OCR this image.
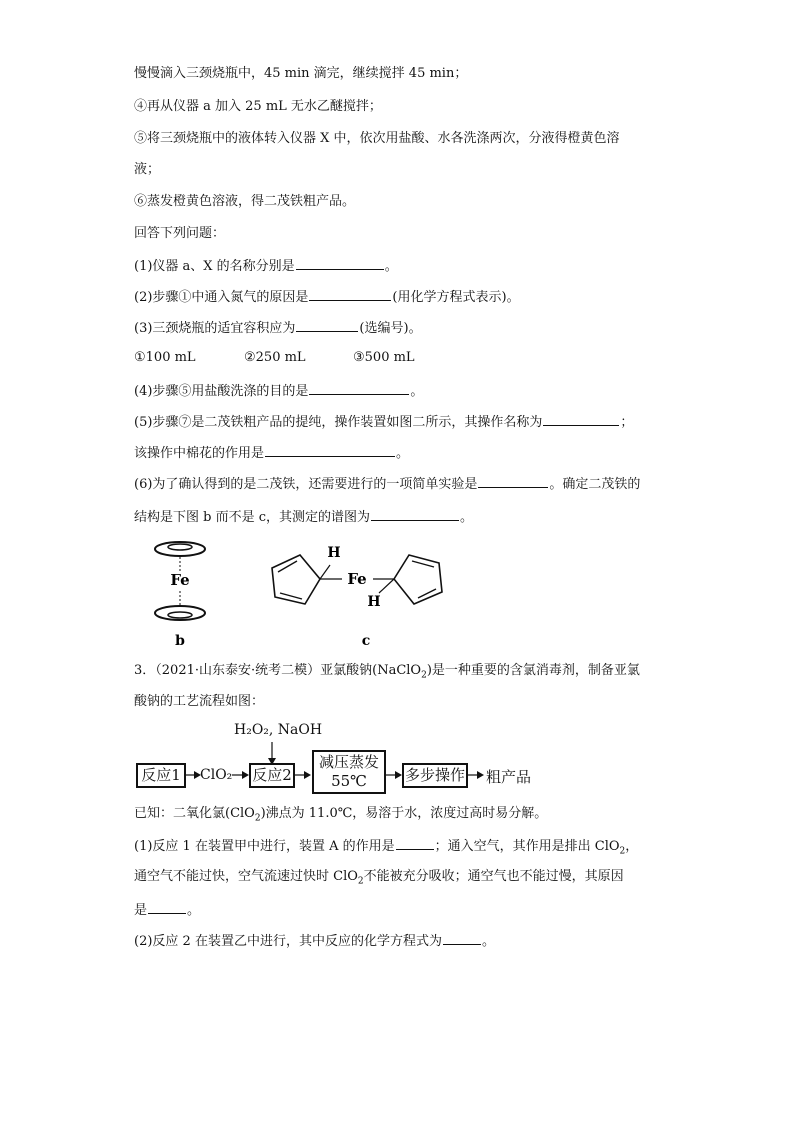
慢慢滴入三颈烧瓶中，45 min 滴完，继续搅拌 45 min；
④再从仪器 a 加入 25 mL 无水乙醚搅拌；
⑤将三颈烧瓶中的液体转入仪器 X 中，依次用盐酸、水各洗涤两次，分液得橙黄色溶
液；
⑥蒸发橙黄色溶液，得二茂铁粗产品。
回答下列问题：
(1)仪器 a、X 的名称分别是	。
(2)步骤①中通入氮气的原因是	(用化学方程式表示)。
(3)三颈烧瓶的适宜容积应为	(选编号)。
①100 mL	②250 mL	③500 mL
(4)步骤⑤用盐酸洗涤的目的是	。
(5)步骤⑦是二茂铁粗产品的提纯，操作装置如图二所示，其操作名称为	；
该操作中棉花的作用是	。
(6)为了确认得到的是二茂铁，还需要进行的一项简单实验是	。确定二茂铁的
结构是下图 b 而不是 c，其测定的谱图为	。
Fe
b
H
Fe
H
c
3．（2021·山东泰安·统考二模）亚氯酸钠(NaClO$_2$)是一种重要的含氯消毒剂，制备亚氯
酸钠的工艺流程如图：
H₂O₂, NaOH
反应1	ClO₂ 反应2
减压蒸发
55℃	多步操作 粗产品
已知：二氧化氯(ClO$_2$)沸点为 11.0℃，易溶于水，浓度过高时易分解。
(1)反应 1 在装置甲中进行，装置 A 的作用是	；通入空气，其作用是排出 ClO$_2$，
通空气不能过快，空气流速过快时 ClO$_2$不能被充分吸收；通空气也不能过慢，其原因
是	。
(2)反应 2 在装置乙中进行，其中反应的化学方程式为	。
